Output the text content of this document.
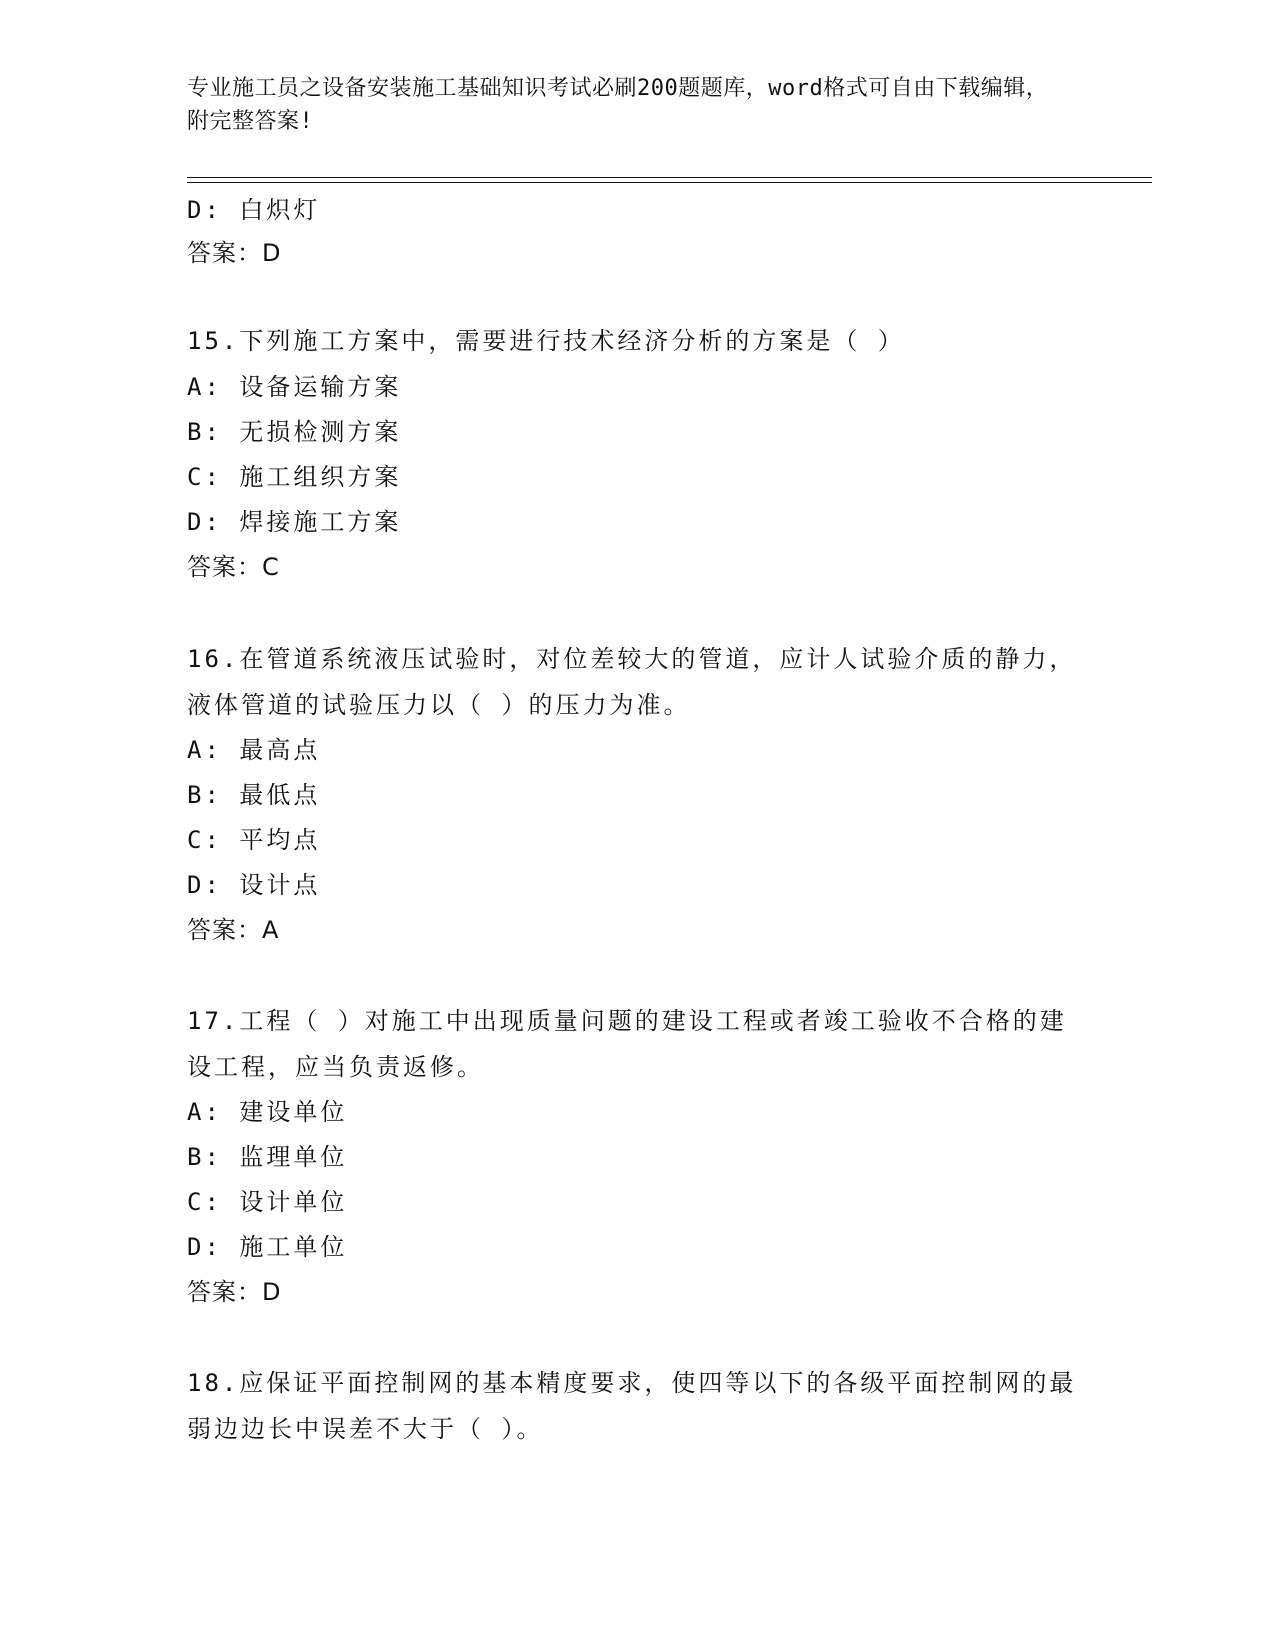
专业施工员之设备安装施工基础知识考试必刷200题题库，word格式可自由下载编辑，附完整答案!
D: 白炽灯
答案：D
15.下列施工方案中，需要进行技术经济分析的方案是（ ）
A: 设备运输方案
B: 无损检测方案
C: 施工组织方案
D: 焊接施工方案
答案：C
16.在管道系统液压试验时，对位差较大的管道，应计人试验介质的静力，液体管道的试验压力以（ ）的压力为准。
A: 最高点
B: 最低点
C: 平均点
D: 设计点
答案：A
17.工程（ ）对施工中出现质量问题的建设工程或者竣工验收不合格的建设工程，应当负责返修。
A: 建设单位
B: 监理单位
C: 设计单位
D: 施工单位
答案：D
18.应保证平面控制网的基本精度要求，使四等以下的各级平面控制网的最弱边边长中误差不大于（ ）。
